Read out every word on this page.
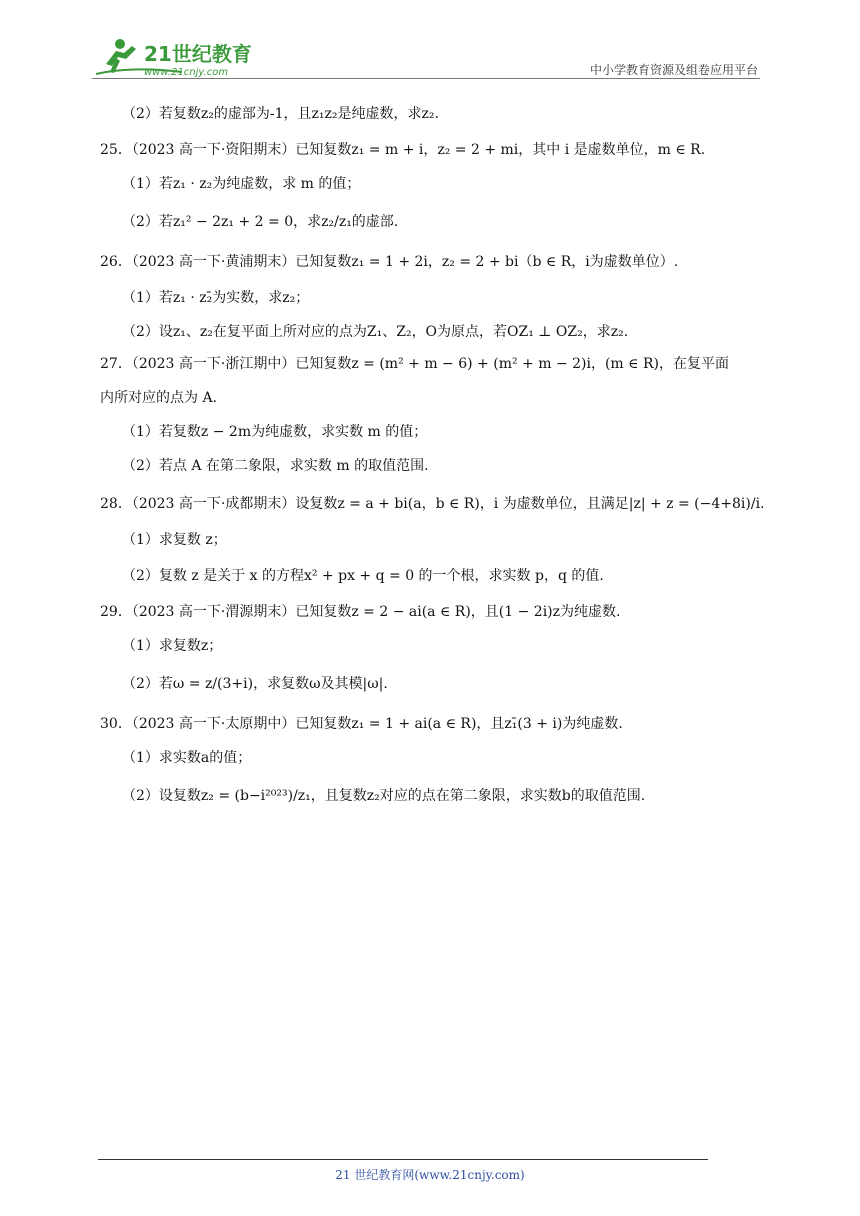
21世纪教育
www.21cnjy.com	中小学教育资源及组卷应用平台
（2）若复数z₂的虚部为-1，且z₁z₂是纯虚数，求z₂.
25．（2023 高一下·资阳期末）已知复数z₁ = m + i，z₂ = 2 + mi，其中 i 是虚数单位，m ∈ R.
（1）若z₁ · z₂为纯虚数，求 m 的值；
（2）若z₁² − 2z₁ + 2 = 0，求z₂/z₁的虚部.
26．（2023 高一下·黄浦期末）已知复数z₁ = 1 + 2i，z₂ = 2 + bi（b ∈ R，i为虚数单位）.
（1）若z₁ · z₂̄为实数，求z₂；
（2）设z₁、z₂在复平面上所对应的点为Z₁、Z₂，O为原点，若OZ₁ ⊥ OZ₂，求z₂.
27．（2023 高一下·浙江期中）已知复数z = (m² + m − 6) + (m² + m − 2)i，(m ∈ R)，在复平面
内所对应的点为 A.
（1）若复数z − 2m为纯虚数，求实数 m 的值；
（2）若点 A 在第二象限，求实数 m 的取值范围.
28．（2023 高一下·成都期末）设复数z = a + bi(a，b ∈ R)，i 为虚数单位，且满足|z| + z = (−4+8i)/i.
（1）求复数 z；
（2）复数 z 是关于 x 的方程x² + px + q = 0 的一个根，求实数 p，q 的值.
29．（2023 高一下·渭源期末）已知复数z = 2 − ai(a ∈ R)，且(1 − 2i)z为纯虚数.
（1）求复数z；
（2）若ω = z/(3+i)，求复数ω及其模|ω|.
30．（2023 高一下·太原期中）已知复数z₁ = 1 + ai(a ∈ R)，且z₁̄(3 + i)为纯虚数.
（1）求实数a的值；
（2）设复数z₂ = (b−i²⁰²³)/z₁，且复数z₂对应的点在第二象限，求实数b的取值范围.
21 世纪教育网(www.21cnjy.com)
